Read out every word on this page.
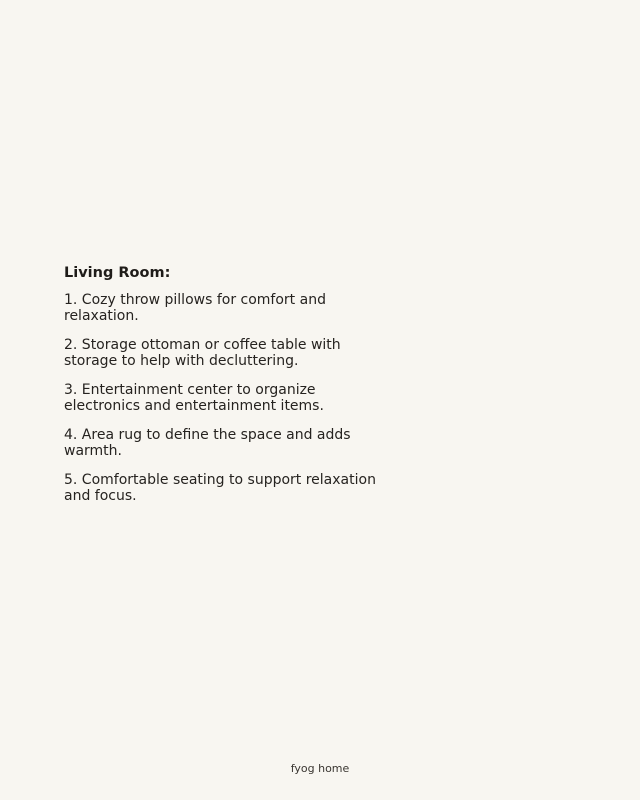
Living Room:
1. Cozy throw pillows for comfort and relaxation.
2. Storage ottoman or coffee table with storage to help with decluttering.
3. Entertainment center to organize electronics and entertainment items.
4. Area rug to define the space and adds warmth.
5. Comfortable seating to support relaxation and focus.
fyog home
